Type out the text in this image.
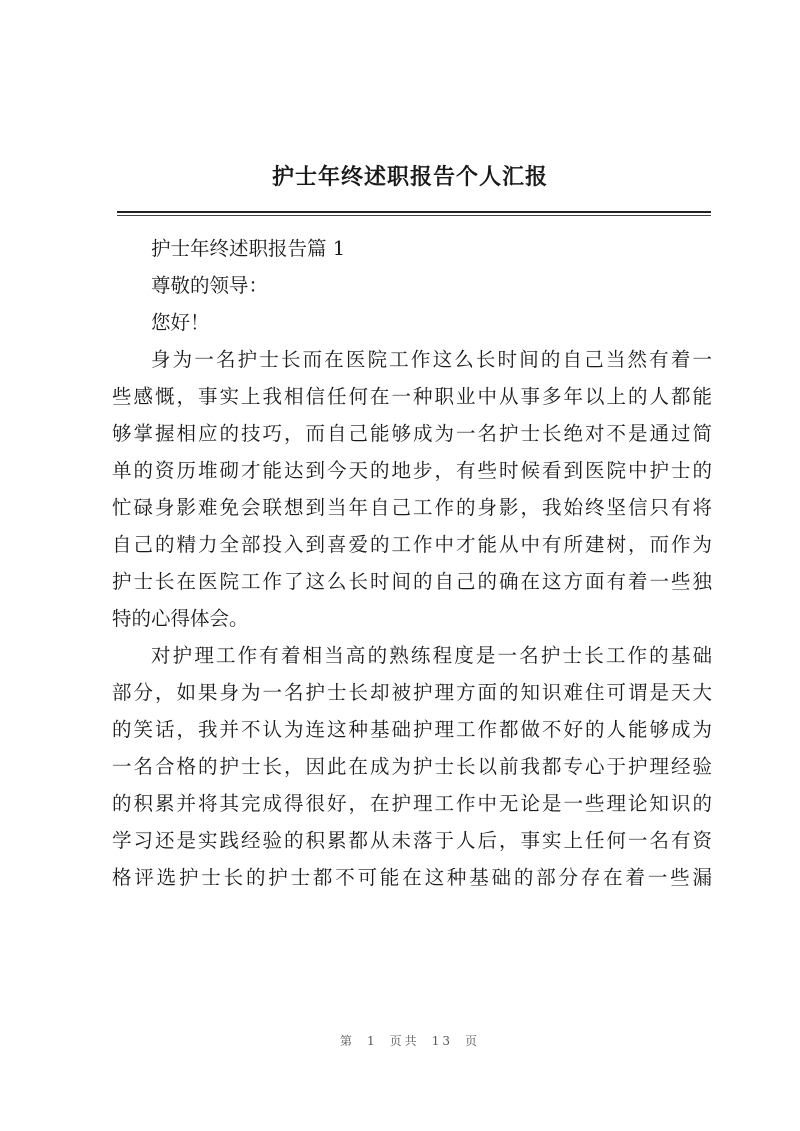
护士年终述职报告个人汇报
护士年终述职报告篇 1
尊敬的领导：
您好！
身为一名护士长而在医院工作这么长时间的自己当然有着一
些感慨，事实上我相信任何在一种职业中从事多年以上的人都能
够掌握相应的技巧，而自己能够成为一名护士长绝对不是通过简
单的资历堆砌才能达到今天的地步，有些时候看到医院中护士的
忙碌身影难免会联想到当年自己工作的身影，我始终坚信只有将
自己的精力全部投入到喜爱的工作中才能从中有所建树，而作为
护士长在医院工作了这么长时间的自己的确在这方面有着一些独
特的心得体会。
对护理工作有着相当高的熟练程度是一名护士长工作的基础
部分，如果身为一名护士长却被护理方面的知识难住可谓是天大
的笑话，我并不认为连这种基础护理工作都做不好的人能够成为
一名合格的护士长，因此在成为护士长以前我都专心于护理经验
的积累并将其完成得很好，在护理工作中无论是一些理论知识的
学习还是实践经验的积累都从未落于人后，事实上任何一名有资
格评选护士长的护士都不可能在这种基础的部分存在着一些漏
第 1 页共 13 页
